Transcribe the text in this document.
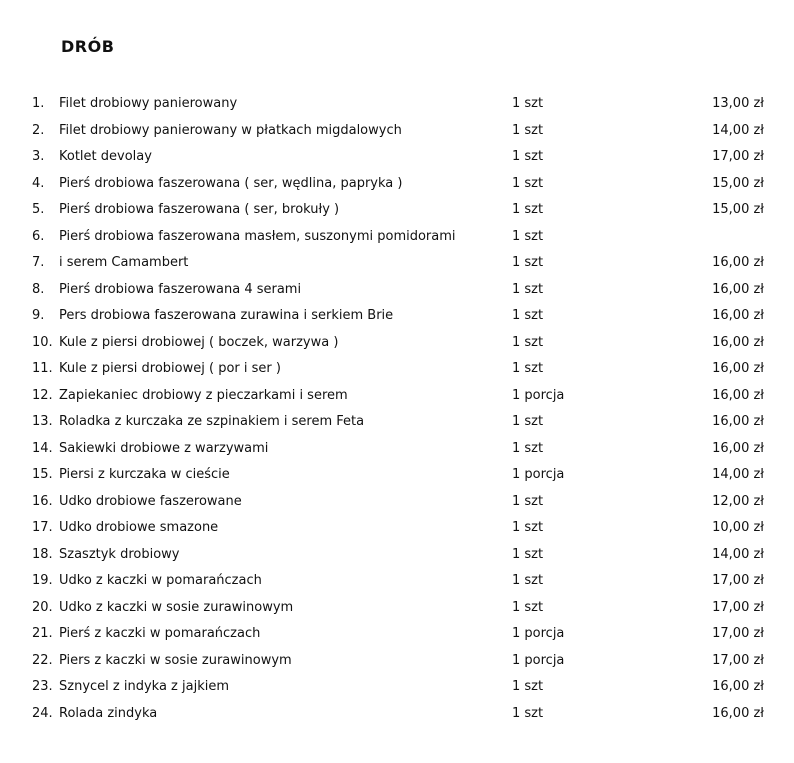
DRÓB
1. Filet drobiowy panierowany	1 szt	13,00 zł
2. Filet drobiowy panierowany w płatkach migdalowych	1 szt	14,00 zł
3. Kotlet devolay	1 szt	17,00 zł
4. Pierś drobiowa faszerowana ( ser, wędlina, papryka )	1 szt	15,00 zł
5. Pierś drobiowa faszerowana ( ser, brokuły )	1 szt	15,00 zł
6. Pierś drobiowa faszerowana masłem, suszonymi pomidorami	1 szt
7. i serem Camambert	1 szt	16,00 zł
8. Pierś drobiowa faszerowana 4 serami	1 szt	16,00 zł
9. Pers drobiowa faszerowana zurawina i serkiem Brie	1 szt	16,00 zł
10. Kule z piersi drobiowej ( boczek, warzywa )	1 szt	16,00 zł
11. Kule z piersi drobiowej ( por i ser )	1 szt	16,00 zł
12. Zapiekaniec drobiowy z pieczarkami i serem	1 porcja	16,00 zł
13. Roladka z kurczaka ze szpinakiem i serem Feta	1 szt	16,00 zł
14. Sakiewki drobiowe z warzywami	1 szt	16,00 zł
15. Piersi z kurczaka w cieście	1 porcja	14,00 zł
16. Udko drobiowe faszerowane	1 szt	12,00 zł
17. Udko drobiowe smazone	1 szt	10,00 zł
18. Szasztyk drobiowy	1 szt	14,00 zł
19. Udko z kaczki w pomarańczach	1 szt	17,00 zł
20. Udko z kaczki w sosie zurawinowym	1 szt	17,00 zł
21. Pierś z kaczki w pomarańczach	1 porcja	17,00 zł
22. Piers z kaczki w sosie zurawinowym	1 porcja	17,00 zł
23. Sznycel z indyka z jajkiem	1 szt	16,00 zł
24. Rolada zindyka	1 szt	16,00 zł
